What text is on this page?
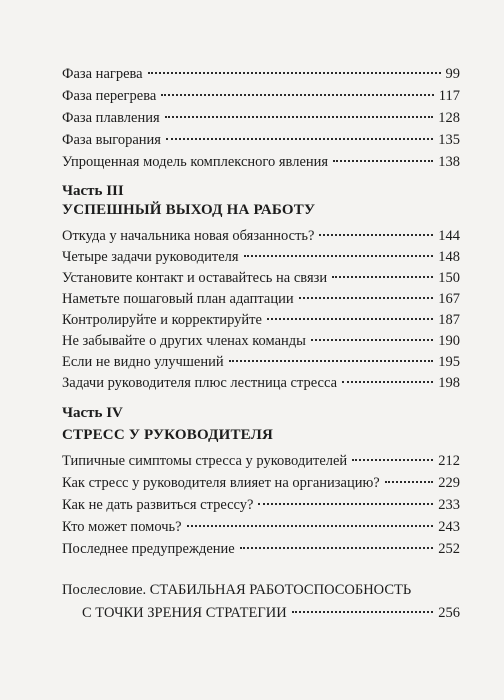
Фаза нагрева	99
Фаза перегрева	117
Фаза плавления	128
Фаза выгорания	135
Упрощенная модель комплексного явления	138
Часть III
УСПЕШНЫЙ ВЫХОД НА РАБОТУ
Откуда у начальника новая обязанность?	144
Четыре задачи руководителя	148
Установите контакт и оставайтесь на связи	150
Наметьте пошаговый план адаптации	167
Контролируйте и корректируйте	187
Не забывайте о других членах команды	190
Если не видно улучшений	195
Задачи руководителя плюс лестница стресса	198
Часть IV
СТРЕСС У РУКОВОДИТЕЛЯ
Типичные симптомы стресса у руководителей	212
Как стресс у руководителя влияет на организацию?	229
Как не дать развиться стрессу?	233
Кто может помочь?	243
Последнее предупреждение	252
Послесловие. СТАБИЛЬНАЯ РАБОТОСПОСОБНОСТЬ
С ТОЧКИ ЗРЕНИЯ СТРАТЕГИИ	256
